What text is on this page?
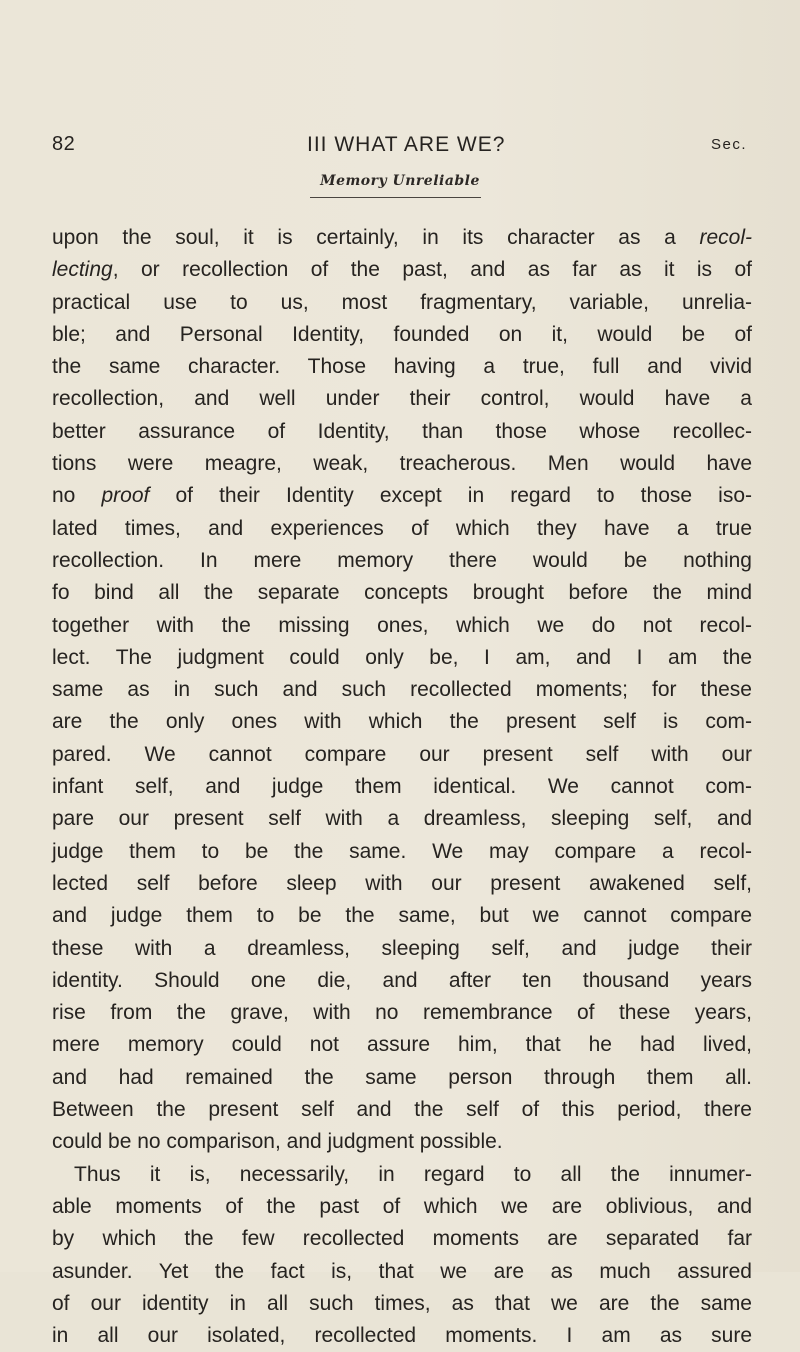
82	III WHAT ARE WE?	Sec.
Memory Unreliable
upon the soul, it is certainly, in its character as a recol-
lecting, or recollection of the past, and as far as it is of
practical use to us, most fragmentary, variable, unrelia-
ble; and Personal Identity, founded on it, would be of
the same character. Those having a true, full and vivid
recollection, and well under their control, would have a
better assurance of Identity, than those whose recollec-
tions were meagre, weak, treacherous. Men would have
no proof of their Identity except in regard to those iso-
lated times, and experiences of which they have a true
recollection. In mere memory there would be nothing
fo bind all the separate concepts brought before the mind
together with the missing ones, which we do not recol-
lect. The judgment could only be, I am, and I am the
same as in such and such recollected moments; for these
are the only ones with which the present self is com-
pared. We cannot compare our present self with our
infant self, and judge them identical. We cannot com-
pare our present self with a dreamless, sleeping self, and
judge them to be the same. We may compare a recol-
lected self before sleep with our present awakened self,
and judge them to be the same, but we cannot compare
these with a dreamless, sleeping self, and judge their
identity. Should one die, and after ten thousand years
rise from the grave, with no remembrance of these years,
mere memory could not assure him, that he had lived,
and had remained the same person through them all.
Between the present self and the self of this period, there
could be no comparison, and judgment possible.
Thus it is, necessarily, in regard to all the innumer-
able moments of the past of which we are oblivious, and
by which the few recollected moments are separated far
asunder. Yet the fact is, that we are as much assured
of our identity in all such times, as that we are the same
in all our isolated, recollected moments. I am as sure
